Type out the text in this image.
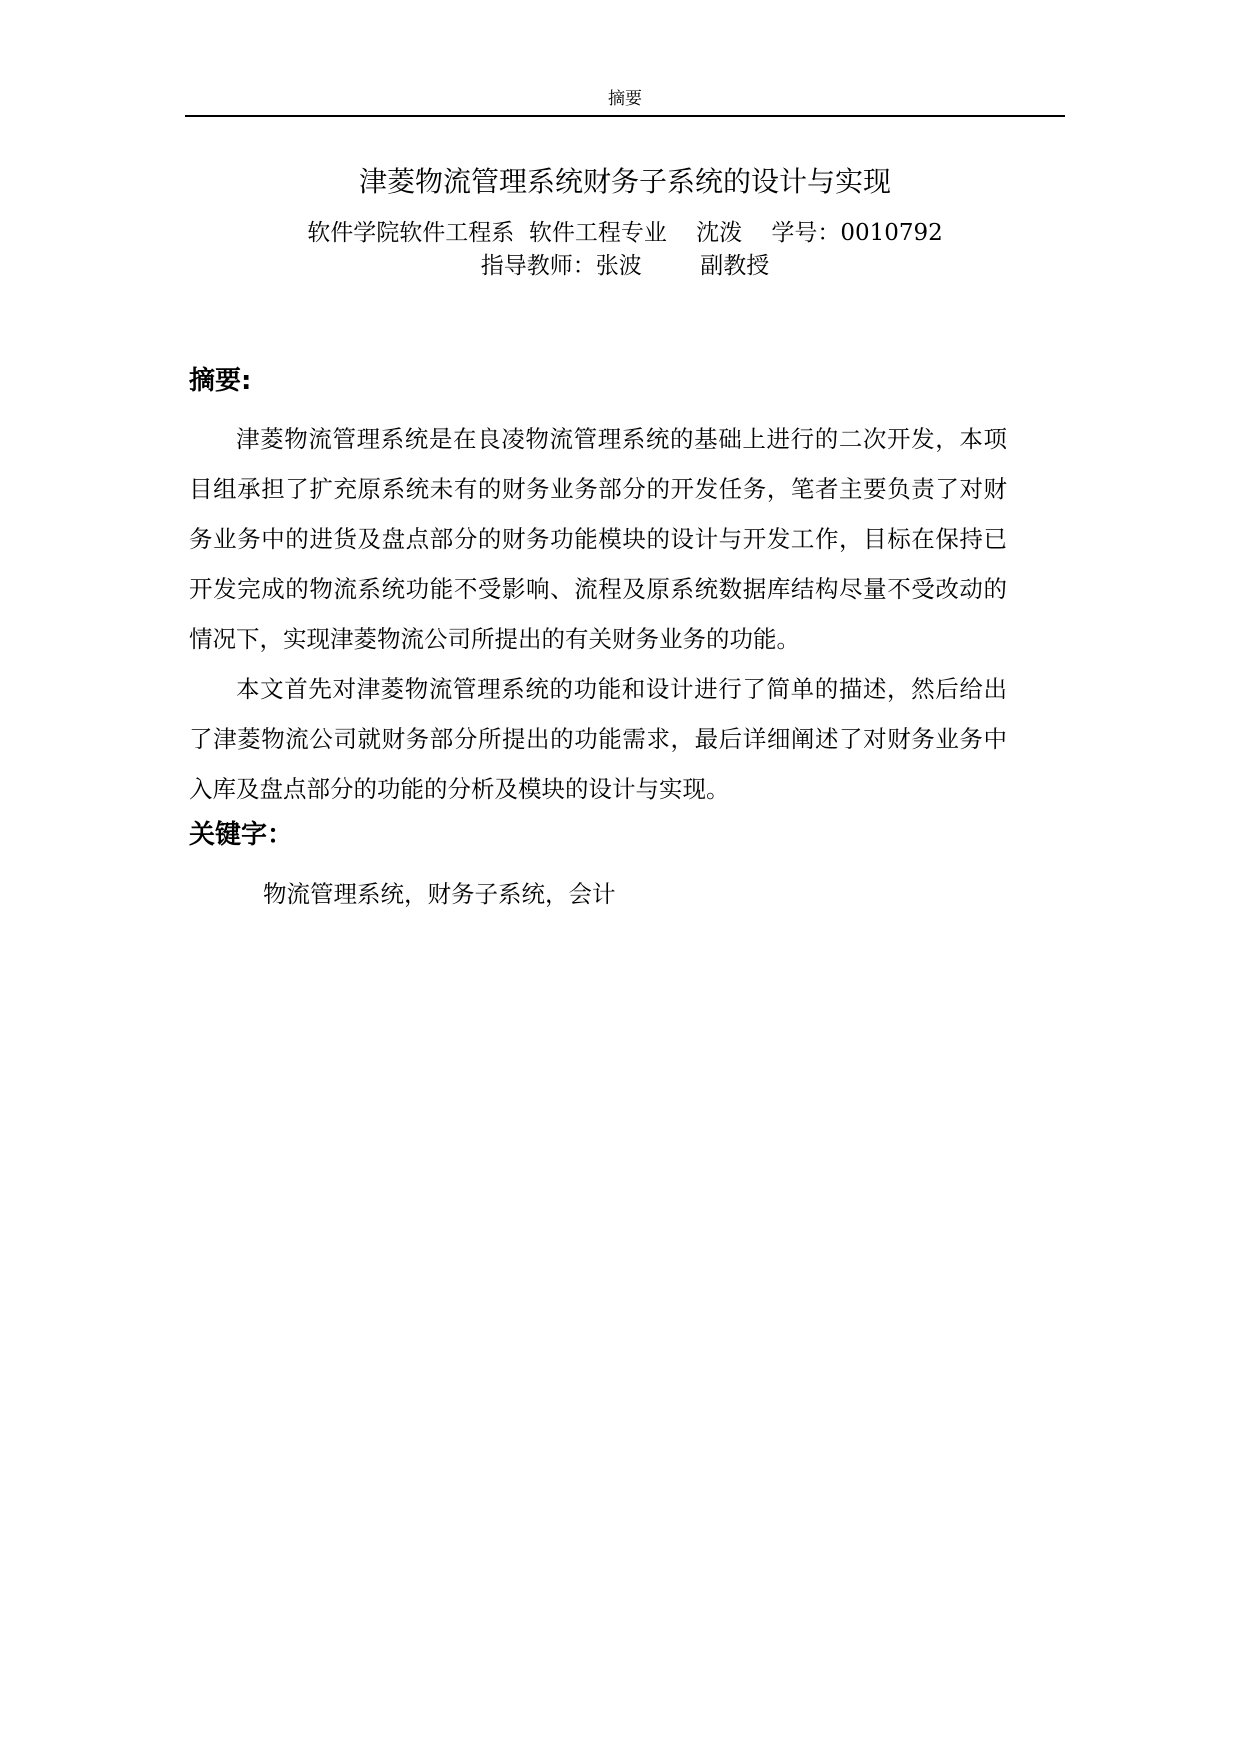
摘要
津菱物流管理系统财务子系统的设计与实现
软件学院软件工程系  软件工程专业    沈泼    学号：0010792
指导教师：张波        副教授
摘要:

津菱物流管理系统是在良凌物流管理系统的基础上进行的二次开发，本项目组承担了扩充原系统未有的财务业务部分的开发任务，笔者主要负责了对财务业务中的进货及盘点部分的财务功能模块的设计与开发工作，目标在保持已开发完成的物流系统功能不受影响、流程及原系统数据库结构尽量不受改动的情况下，实现津菱物流公司所提出的有关财务业务的功能。

本文首先对津菱物流管理系统的功能和设计进行了简单的描述，然后给出了津菱物流公司就财务部分所提出的功能需求，最后详细阐述了对财务业务中入库及盘点部分的功能的分析及模块的设计与实现。

关键字：
物流管理系统，财务子系统，会计
